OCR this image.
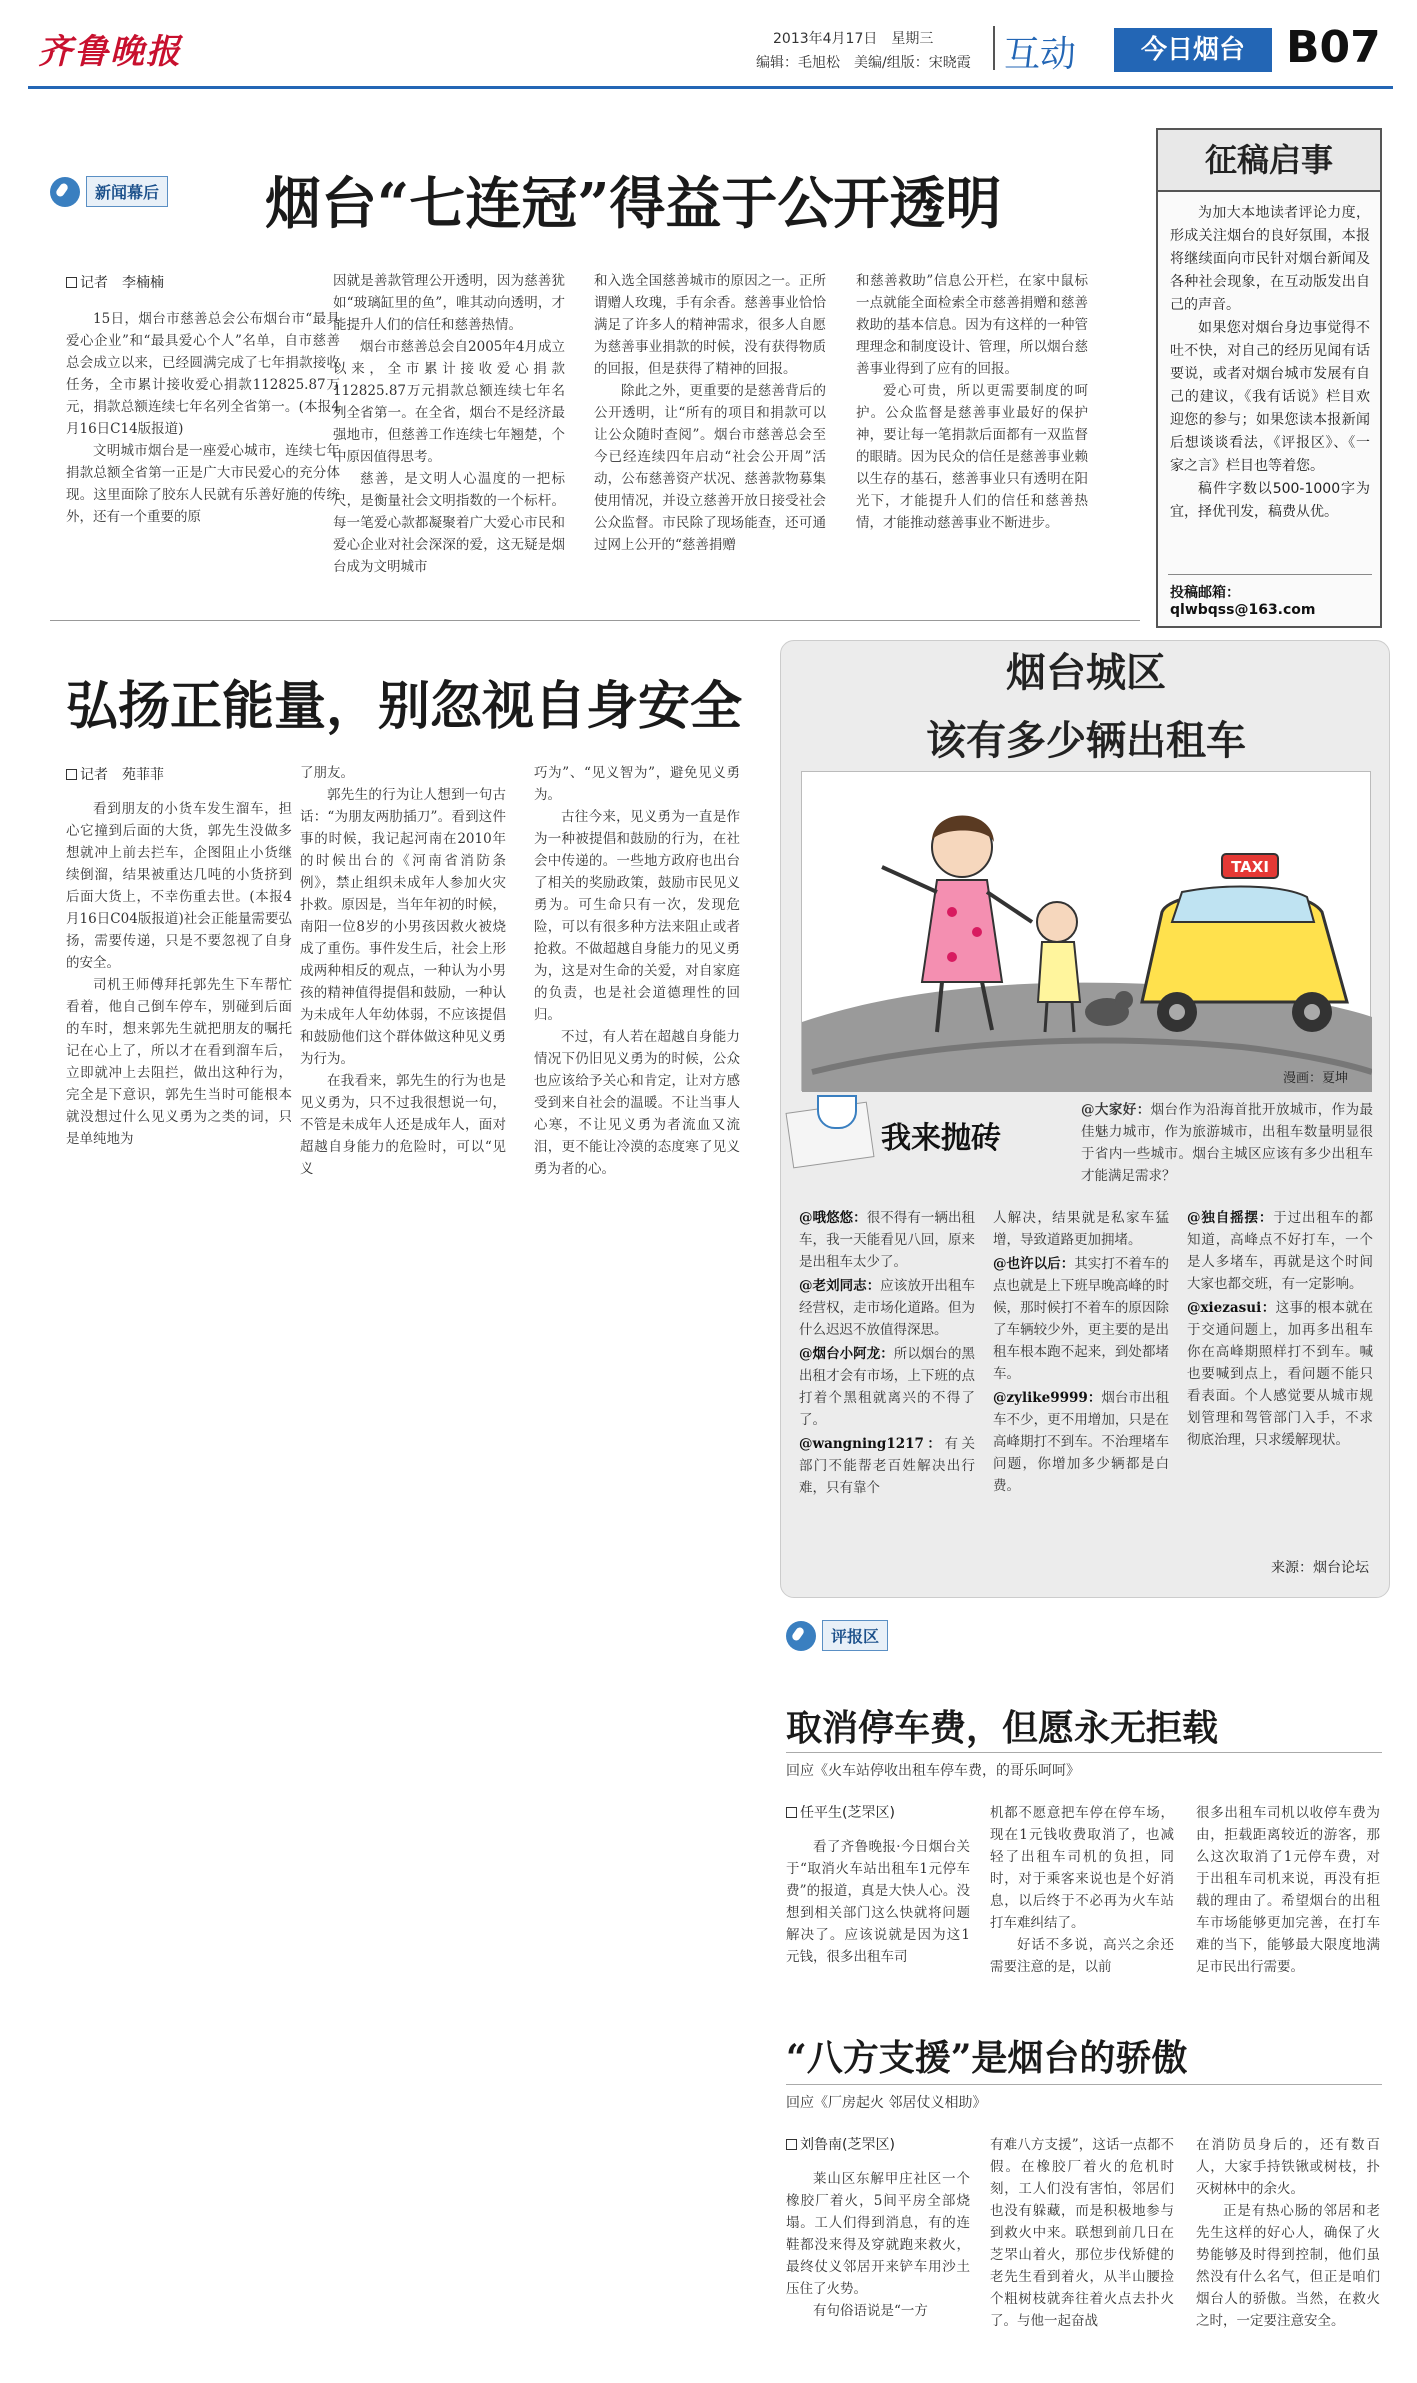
齐鲁晚报	2013年4月17日　星期三
编辑：毛旭松　美编/组版：宋晓霞 互动	今日烟台 B07
新闻幕后 烟台“七连冠”得益于公开透明
记者　李楠楠

15日，烟台市慈善总会公布烟台市“最具爱心企业”和“最具爱心个人”名单，自市慈善总会成立以来，已经圆满完成了七年捐款接收任务，全市累计接收爱心捐款112825.87万元，捐款总额连续七年名列全省第一。(本报4月16日C14版报道)

文明城市烟台是一座爱心城市，连续七年捐款总额全省第一正是广大市民爱心的充分体现。这里面除了胶东人民就有乐善好施的传统外，还有一个重要的原

因就是善款管理公开透明，因为慈善犹如“玻璃缸里的鱼”，唯其动向透明，才能提升人们的信任和慈善热情。

烟台市慈善总会自2005年4月成立以来，全市累计接收爱心捐款112825.87万元捐款总额连续七年名列全省第一。在全省，烟台不是经济最强地市，但慈善工作连续七年翘楚，个中原因值得思考。

慈善，是文明人心温度的一把标尺，是衡量社会文明指数的一个标杆。每一笔爱心款都凝聚着广大爱心市民和爱心企业对社会深深的爱，这无疑是烟台成为文明城市

和入选全国慈善城市的原因之一。正所谓赠人玫瑰，手有余香。慈善事业恰恰满足了许多人的精神需求，很多人自愿为慈善事业捐款的时候，没有获得物质的回报，但是获得了精神的回报。

除此之外，更重要的是慈善背后的公开透明，让“所有的项目和捐款可以让公众随时查阅”。烟台市慈善总会至今已经连续四年启动“社会公开周”活动，公布慈善资产状况、慈善款物募集使用情况，并设立慈善开放日接受社会公众监督。市民除了现场能查，还可通过网上公开的“慈善捐赠

和慈善救助”信息公开栏，在家中鼠标一点就能全面检索全市慈善捐赠和慈善救助的基本信息。因为有这样的一种管理理念和制度设计、管理，所以烟台慈善事业得到了应有的回报。

爱心可贵，所以更需要制度的呵护。公众监督是慈善事业最好的保护神，要让每一笔捐款后面都有一双监督的眼睛。因为民众的信任是慈善事业赖以生存的基石，慈善事业只有透明在阳光下，才能提升人们的信任和慈善热情，才能推动慈善事业不断进步。

征稿启事

为加大本地读者评论力度，形成关注烟台的良好氛围，本报将继续面向市民针对烟台新闻及各种社会现象，在互动版发出自己的声音。

如果您对烟台身边事觉得不吐不快，对自己的经历见闻有话要说，或者对烟台城市发展有自己的建议，《我有话说》栏目欢迎您的参与；如果您读本报新闻后想谈谈看法，《评报区》、《一家之言》栏目也等着您。

稿件字数以500-1000字为宜，择优刊发，稿费从优。

投稿邮箱：qlwbqss@163.com
弘扬正能量，别忽视自身安全
记者　苑菲菲

看到朋友的小货车发生溜车，担心它撞到后面的大货，郭先生没做多想就冲上前去拦车，企图阻止小货继续倒溜，结果被重达几吨的小货挤到后面大货上，不幸伤重去世。(本报4月16日C04版报道)社会正能量需要弘扬，需要传递，只是不要忽视了自身的安全。

司机王师傅拜托郭先生下车帮忙看着，他自己倒车停车，别碰到后面的车时，想来郭先生就把朋友的嘱托记在心上了，所以才在看到溜车后，立即就冲上去阻拦，做出这种行为，完全是下意识，郭先生当时可能根本就没想过什么见义勇为之类的词，只是单纯地为

了朋友。

郭先生的行为让人想到一句古话：“为朋友两肋插刀”。看到这件事的时候，我记起河南在2010年的时候出台的《河南省消防条例》，禁止组织未成年人参加火灾扑救。原因是，当年年初的时候，南阳一位8岁的小男孩因救火被烧成了重伤。事件发生后，社会上形成两种相反的观点，一种认为小男孩的精神值得提倡和鼓励，一种认为未成年人年幼体弱，不应该提倡和鼓励他们这个群体做这种见义勇为行为。

在我看来，郭先生的行为也是见义勇为，只不过我很想说一句，不管是未成年人还是成年人，面对超越自身能力的危险时，可以“见义

巧为”、“见义智为”，避免见义勇为。

古往今来，见义勇为一直是作为一种被提倡和鼓励的行为，在社会中传递的。一些地方政府也出台了相关的奖励政策，鼓励市民见义勇为。可生命只有一次，发现危险，可以有很多种方法来阻止或者抢救。不做超越自身能力的见义勇为，这是对生命的关爱，对自家庭的负责，也是社会道德理性的回归。

不过，有人若在超越自身能力情况下仍旧见义勇为的时候，公众也应该给予关心和肯定，让对方感受到来自社会的温暖。不让当事人心寒，不让见义勇为者流血又流泪，更不能让冷漠的态度寒了见义勇为者的心。

烟台城区
该有多少辆出租车
TAXI
漫画：夏坤
我来抛砖
@大家好：烟台作为沿海首批开放城市，作为最佳魅力城市，作为旅游城市，出租车数量明显很于省内一些城市。烟台主城区应该有多少出租车才能满足需求？
@哦悠悠：很不得有一辆出租车，我一天能看见八回，原来是出租车太少了。
@老刘同志：应该放开出租车经营权，走市场化道路。但为什么迟迟不放值得深思。
@烟台小阿龙：所以烟台的黑出租才会有市场，上下班的点打着个黑租就离兴的不得了了。
@wangning1217：有关部门不能帮老百姓解决出行难，只有靠个
人解决，结果就是私家车猛增，导致道路更加拥堵。
@也许以后：其实打不着车的点也就是上下班早晚高峰的时候，那时候打不着车的原因除了车辆较少外，更主要的是出租车根本跑不起来，到处都堵车。
@zylike9999：烟台市出租车不少，更不用增加，只是在高峰期打不到车。不治理堵车问题，你增加多少辆都是白费。
@独自摇摆：于过出租车的都知道，高峰点不好打车，一个是人多堵车，再就是这个时间大家也都交班，有一定影响。
@xiezasui：这事的根本就在于交通问题上，加再多出租车你在高峰期照样打不到车。喊也要喊到点上，看问题不能只看表面。个人感觉要从城市规划管理和驾管部门入手，不求彻底治理，只求缓解现状。
来源：烟台论坛
评报区
取消停车费，但愿永无拒载
回应《火车站停收出租车停车费，的哥乐呵呵》
任平生(芝罘区)

看了齐鲁晚报·今日烟台关于“取消火车站出租车1元停车费”的报道，真是大快人心。没想到相关部门这么快就将问题解决了。应该说就是因为这1元钱，很多出租车司

机都不愿意把车停在停车场，现在1元钱收费取消了，也减轻了出租车司机的负担，同时，对于乘客来说也是个好消息，以后终于不必再为火车站打车难纠结了。

好话不多说，高兴之余还需要注意的是，以前

很多出租车司机以收停车费为由，拒载距离较近的游客，那么这次取消了1元停车费，对于出租车司机来说，再没有拒载的理由了。希望烟台的出租车市场能够更加完善，在打车难的当下，能够最大限度地满足市民出行需要。

“八方支援”是烟台的骄傲
回应《厂房起火 邻居仗义相助》
刘鲁南(芝罘区)

莱山区东解甲庄社区一个橡胶厂着火，5间平房全部烧塌。工人们得到消息，有的连鞋都没来得及穿就跑来救火，最终仗义邻居开来铲车用沙土压住了火势。

有句俗语说是“一方

有难八方支援”，这话一点都不假。在橡胶厂着火的危机时刻，工人们没有害怕，邻居们也没有躲藏，而是积极地参与到救火中来。联想到前几日在芝罘山着火，那位步伐矫健的老先生看到着火，从半山腰捡个粗树枝就奔往着火点去扑火了。与他一起奋战

在消防员身后的，还有数百人，大家手持铁锹或树枝，扑灭树林中的余火。

正是有热心肠的邻居和老先生这样的好心人，确保了火势能够及时得到控制，他们虽然没有什么名气，但正是咱们烟台人的骄傲。当然，在救火之时，一定要注意安全。
